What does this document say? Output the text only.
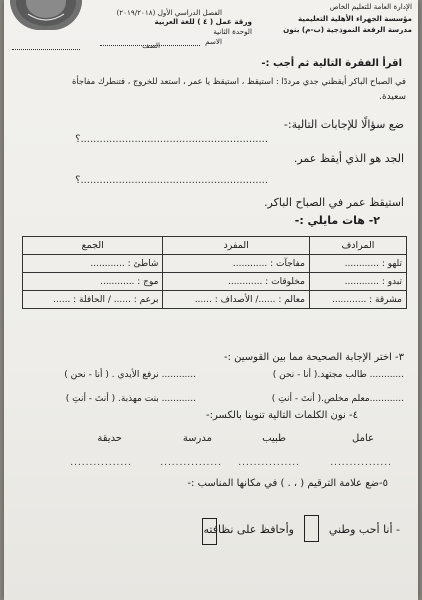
الإدارة العامة للتعليم الخاص
الفصل الدراسي الأول (٢٠١٩/٢٠١٨)
مؤسسة الجهراء الأهلية التعليمية
ورقة عمل ( ٤ ) للغة العربية
مدرسة الرفعة النموذجية (ب-م) بنون
الوحدة الثانية
الاسم
الصف
اقرأ الفقرة التالية ثم أجب :-
في الصباح الباكر أيقظني جدي مرددًا : استيقظ ، استيقظ يا عمر ، استعد للخروج ، فتنطرك مفاجأة
سعيدة.
ضع سؤالًا للإجابات التالية:-
...........................................................؟
الجد هو الذي أيقظ عمر.
...........................................................؟
استيقظ عمر في الصباح الباكر.
٢- هات مايلي :-
المرادف	المفرد	الجمع
تلهو : ............	مفاجآت : ............	شاطئ : ............
تبدو : ............	مخلوقات : ............	موج : ............
مشرقة : ............	معالم : ....../ الأصداف : ......	برعم : ...... / الحافلة : ......
٣- اختر الإجابة الصحيحة مما بين القوسين :-
............ طالب مجتهد.( أنا - نحن )
............ نرفع الأيدي . ( أنا - نحن )
............معلم مخلص.( أنتَ - أنتِ )
............ بنت مهذبة. ( أنتَ - أنتِ )
٤- نون الكلمات التالية تنوينا بالكسر:-
عامل
طبيب
مدرسة
حديقة
................
................
................
................
٥-ضع علامة الترقيم ( ، . ) في مكانها المناسب :-
- أنا أحب وطني
وأحافظ على نظافته
